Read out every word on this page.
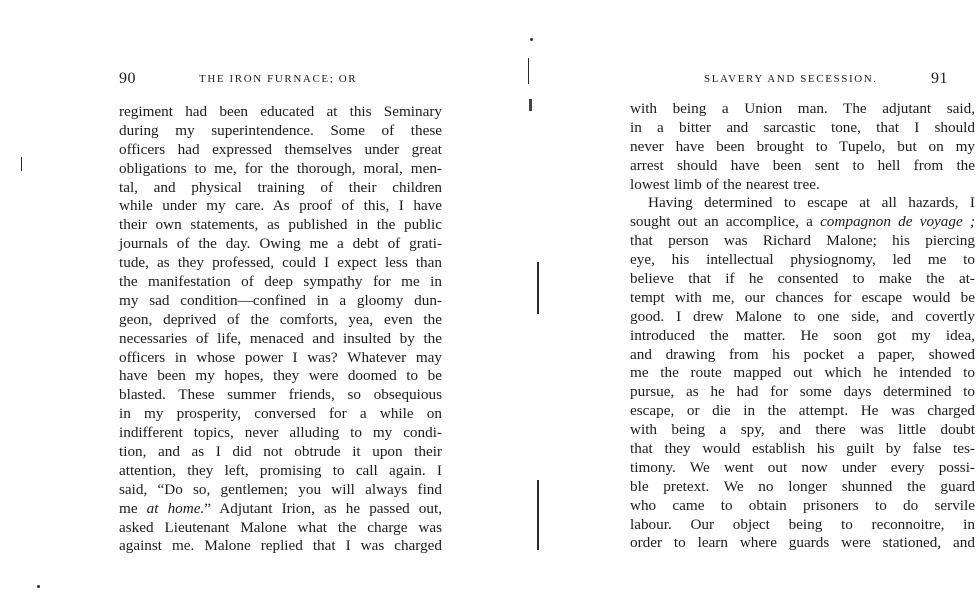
90	THE IRON FURNACE; OR
regiment had been educated at this Seminary
during my superintendence. Some of these
officers had expressed themselves under great
obligations to me, for the thorough, moral, men-
tal, and physical training of their children
while under my care. As proof of this, I have
their own statements, as published in the public
journals of the day. Owing me a debt of grati-
tude, as they professed, could I expect less than
the manifestation of deep sympathy for me in
my sad condition—confined in a gloomy dun-
geon, deprived of the comforts, yea, even the
necessaries of life, menaced and insulted by the
officers in whose power I was? Whatever may
have been my hopes, they were doomed to be
blasted. These summer friends, so obsequious
in my prosperity, conversed for a while on
indifferent topics, never alluding to my condi-
tion, and as I did not obtrude it upon their
attention, they left, promising to call again. I
said, “Do so, gentlemen; you will always find
me at home.” Adjutant Irion, as he passed out,
asked Lieutenant Malone what the charge was
against me. Malone replied that I was charged
SLAVERY AND SECESSION.	91
with being a Union man. The adjutant said,
in a bitter and sarcastic tone, that I should
never have been brought to Tupelo, but on my
arrest should have been sent to hell from the
lowest limb of the nearest tree.
Having determined to escape at all hazards, I
sought out an accomplice, a compagnon de voyage ;
that person was Richard Malone; his piercing
eye, his intellectual physiognomy, led me to
believe that if he consented to make the at-
tempt with me, our chances for escape would be
good. I drew Malone to one side, and covertly
introduced the matter. He soon got my idea,
and drawing from his pocket a paper, showed
me the route mapped out which he intended to
pursue, as he had for some days determined to
escape, or die in the attempt. He was charged
with being a spy, and there was little doubt
that they would establish his guilt by false tes-
timony. We went out now under every possi-
ble pretext. We no longer shunned the guard
who came to obtain prisoners to do servile
labour. Our object being to reconnoitre, in
order to learn where guards were stationed, and
